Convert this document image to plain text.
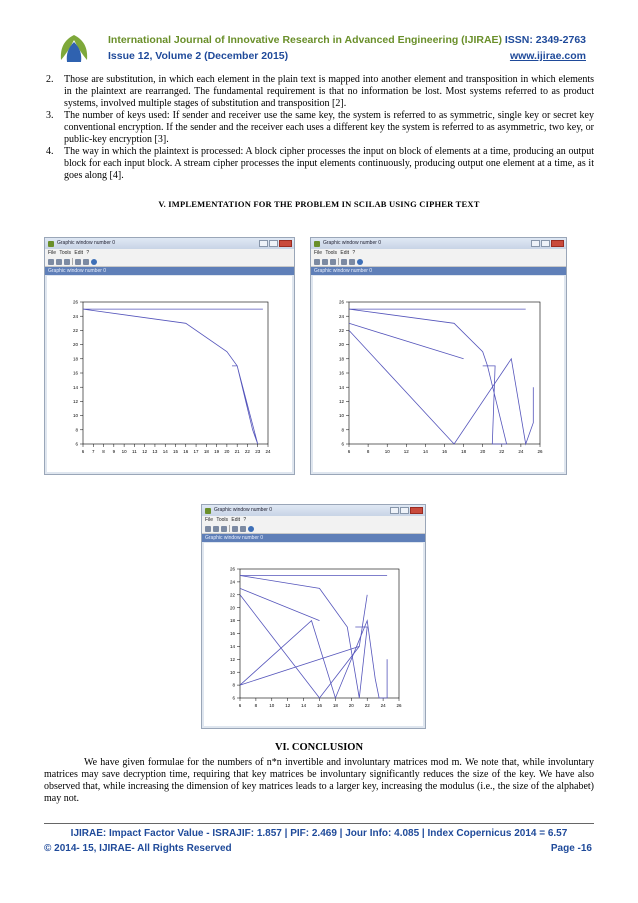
International Journal of Innovative Research in Advanced Engineering (IJIRAE) ISSN: 2349-2763
Issue 12, Volume 2 (December 2015)	www.ijirae.com
2. Those are substitution, in which each element in the plain text is mapped into another element and transposition in which elements in the plaintext are rearranged. The fundamental requirement is that no information be lost. Most systems referred to as product systems, involved multiple stages of substitution and transposition [2].
3. The number of keys used: If sender and receiver use the same key, the system is referred to as symmetric, single key or secret key conventional encryption. If the sender and the receiver each uses a different key the system is referred to as asymmetric, two key, or public-key encryption [3].
4. The way in which the plaintext is processed: A block cipher processes the input on block of elements at a time, producing an output block for each input block. A stream cipher processes the input elements continuously, producing output one element at a time, as it goes along [4].
V. IMPLEMENTATION FOR THE PROBLEM IN SCILAB USING CIPHER TEXT
Graphic window number 0
File Tools Edit ?
Graphic window number 0
6 7 8 9 10 11 12 13 14 15 16 17 18 19 20 21 22 23 24
6
8
10
12
14
16
18
20
22
24
26
Graphic window number 0
File Tools Edit ?
Graphic window number 0
6	8	10	12	14	16	18	20	22	24	26
6
8
10
12
14
16
18
20
22
24
26
Graphic window number 0
File Tools Edit ?
Graphic window number 0
6	8	10 12 14 16 18 20 22 24 26
6
8
10
12
14
16
18
20
22
24
26
VI. CONCLUSION
We have given formulae for the numbers of n*n invertible and involuntary matrices mod m. We note that, while involuntary matrices may save decryption time, requiring that key matrices be involuntary significantly reduces the size of the key. We have also observed that, while increasing the dimension of key matrices leads to a larger key, increasing the modulus (i.e., the size of the alphabet) may not.
IJIRAE: Impact Factor Value - ISRAJIF: 1.857 | PIF: 2.469 | Jour Info: 4.085 | Index Copernicus 2014 = 6.57
© 2014- 15, IJIRAE- All Rights Reserved	Page -16
